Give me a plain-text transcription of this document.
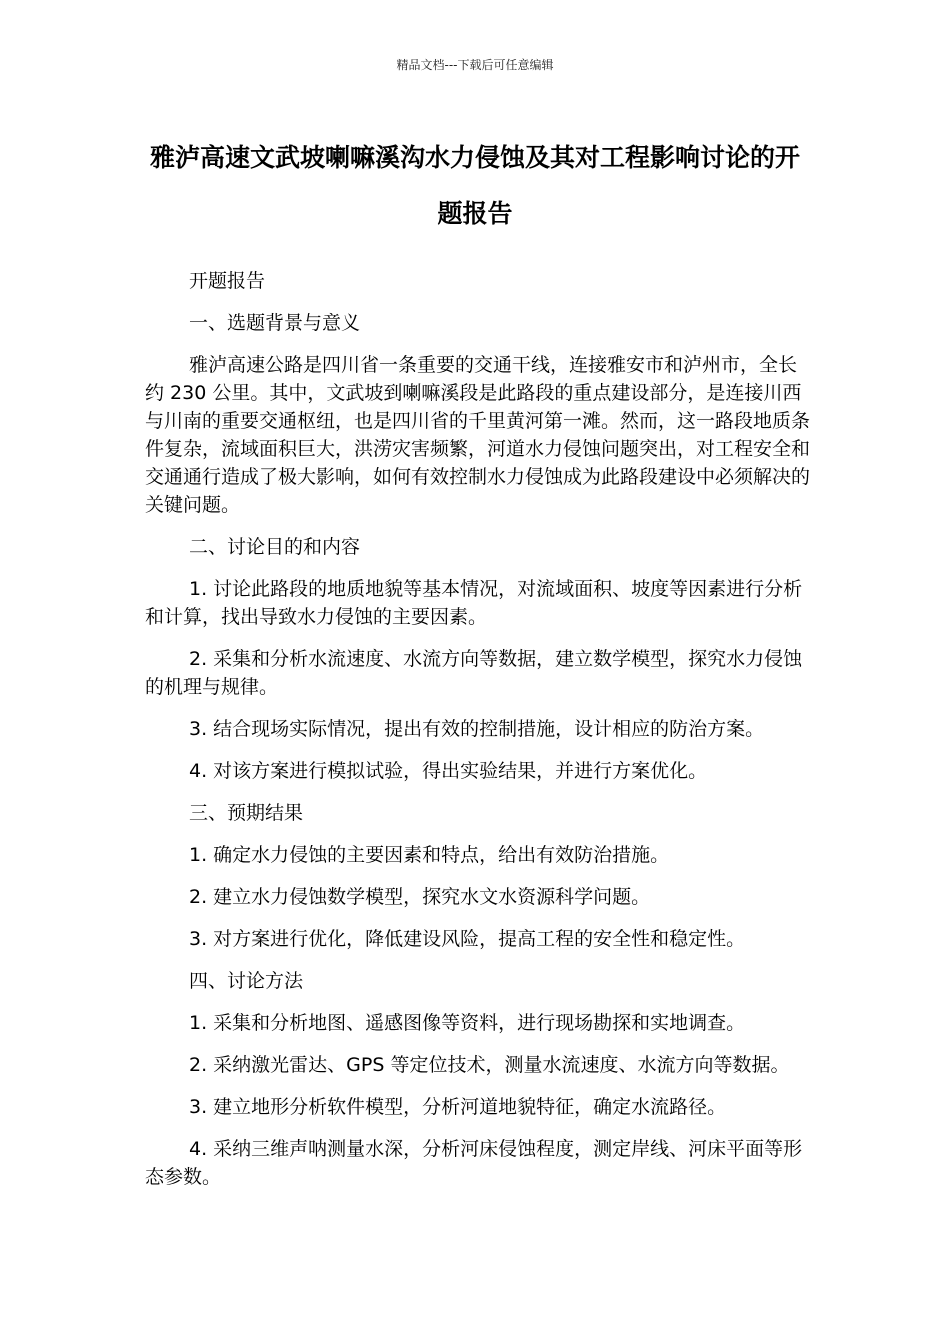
精品文档---下载后可任意编辑
雅泸高速文武坡喇嘛溪沟水力侵蚀及其对工程影响讨论的开题报告

开题报告

一、选题背景与意义

雅泸高速公路是四川省一条重要的交通干线，连接雅安市和泸州市，全长约 230 公里。其中，文武坡到喇嘛溪段是此路段的重点建设部分，是连接川西与川南的重要交通枢纽，也是四川省的千里黄河第一滩。然而，这一路段地质条件复杂，流域面积巨大，洪涝灾害频繁，河道水力侵蚀问题突出，对工程安全和交通通行造成了极大影响，如何有效控制水力侵蚀成为此路段建设中必须解决的关键问题。

二、讨论目的和内容

1. 讨论此路段的地质地貌等基本情况，对流域面积、坡度等因素进行分析和计算，找出导致水力侵蚀的主要因素。

2. 采集和分析水流速度、水流方向等数据，建立数学模型，探究水力侵蚀的机理与规律。

3. 结合现场实际情况，提出有效的控制措施，设计相应的防治方案。

4. 对该方案进行模拟试验，得出实验结果，并进行方案优化。

三、预期结果

1. 确定水力侵蚀的主要因素和特点，给出有效防治措施。

2. 建立水力侵蚀数学模型，探究水文水资源科学问题。

3. 对方案进行优化，降低建设风险，提高工程的安全性和稳定性。

四、讨论方法

1. 采集和分析地图、遥感图像等资料，进行现场勘探和实地调查。

2. 采纳激光雷达、GPS 等定位技术，测量水流速度、水流方向等数据。

3. 建立地形分析软件模型，分析河道地貌特征，确定水流路径。

4. 采纳三维声呐测量水深，分析河床侵蚀程度，测定岸线、河床平面等形态参数。
